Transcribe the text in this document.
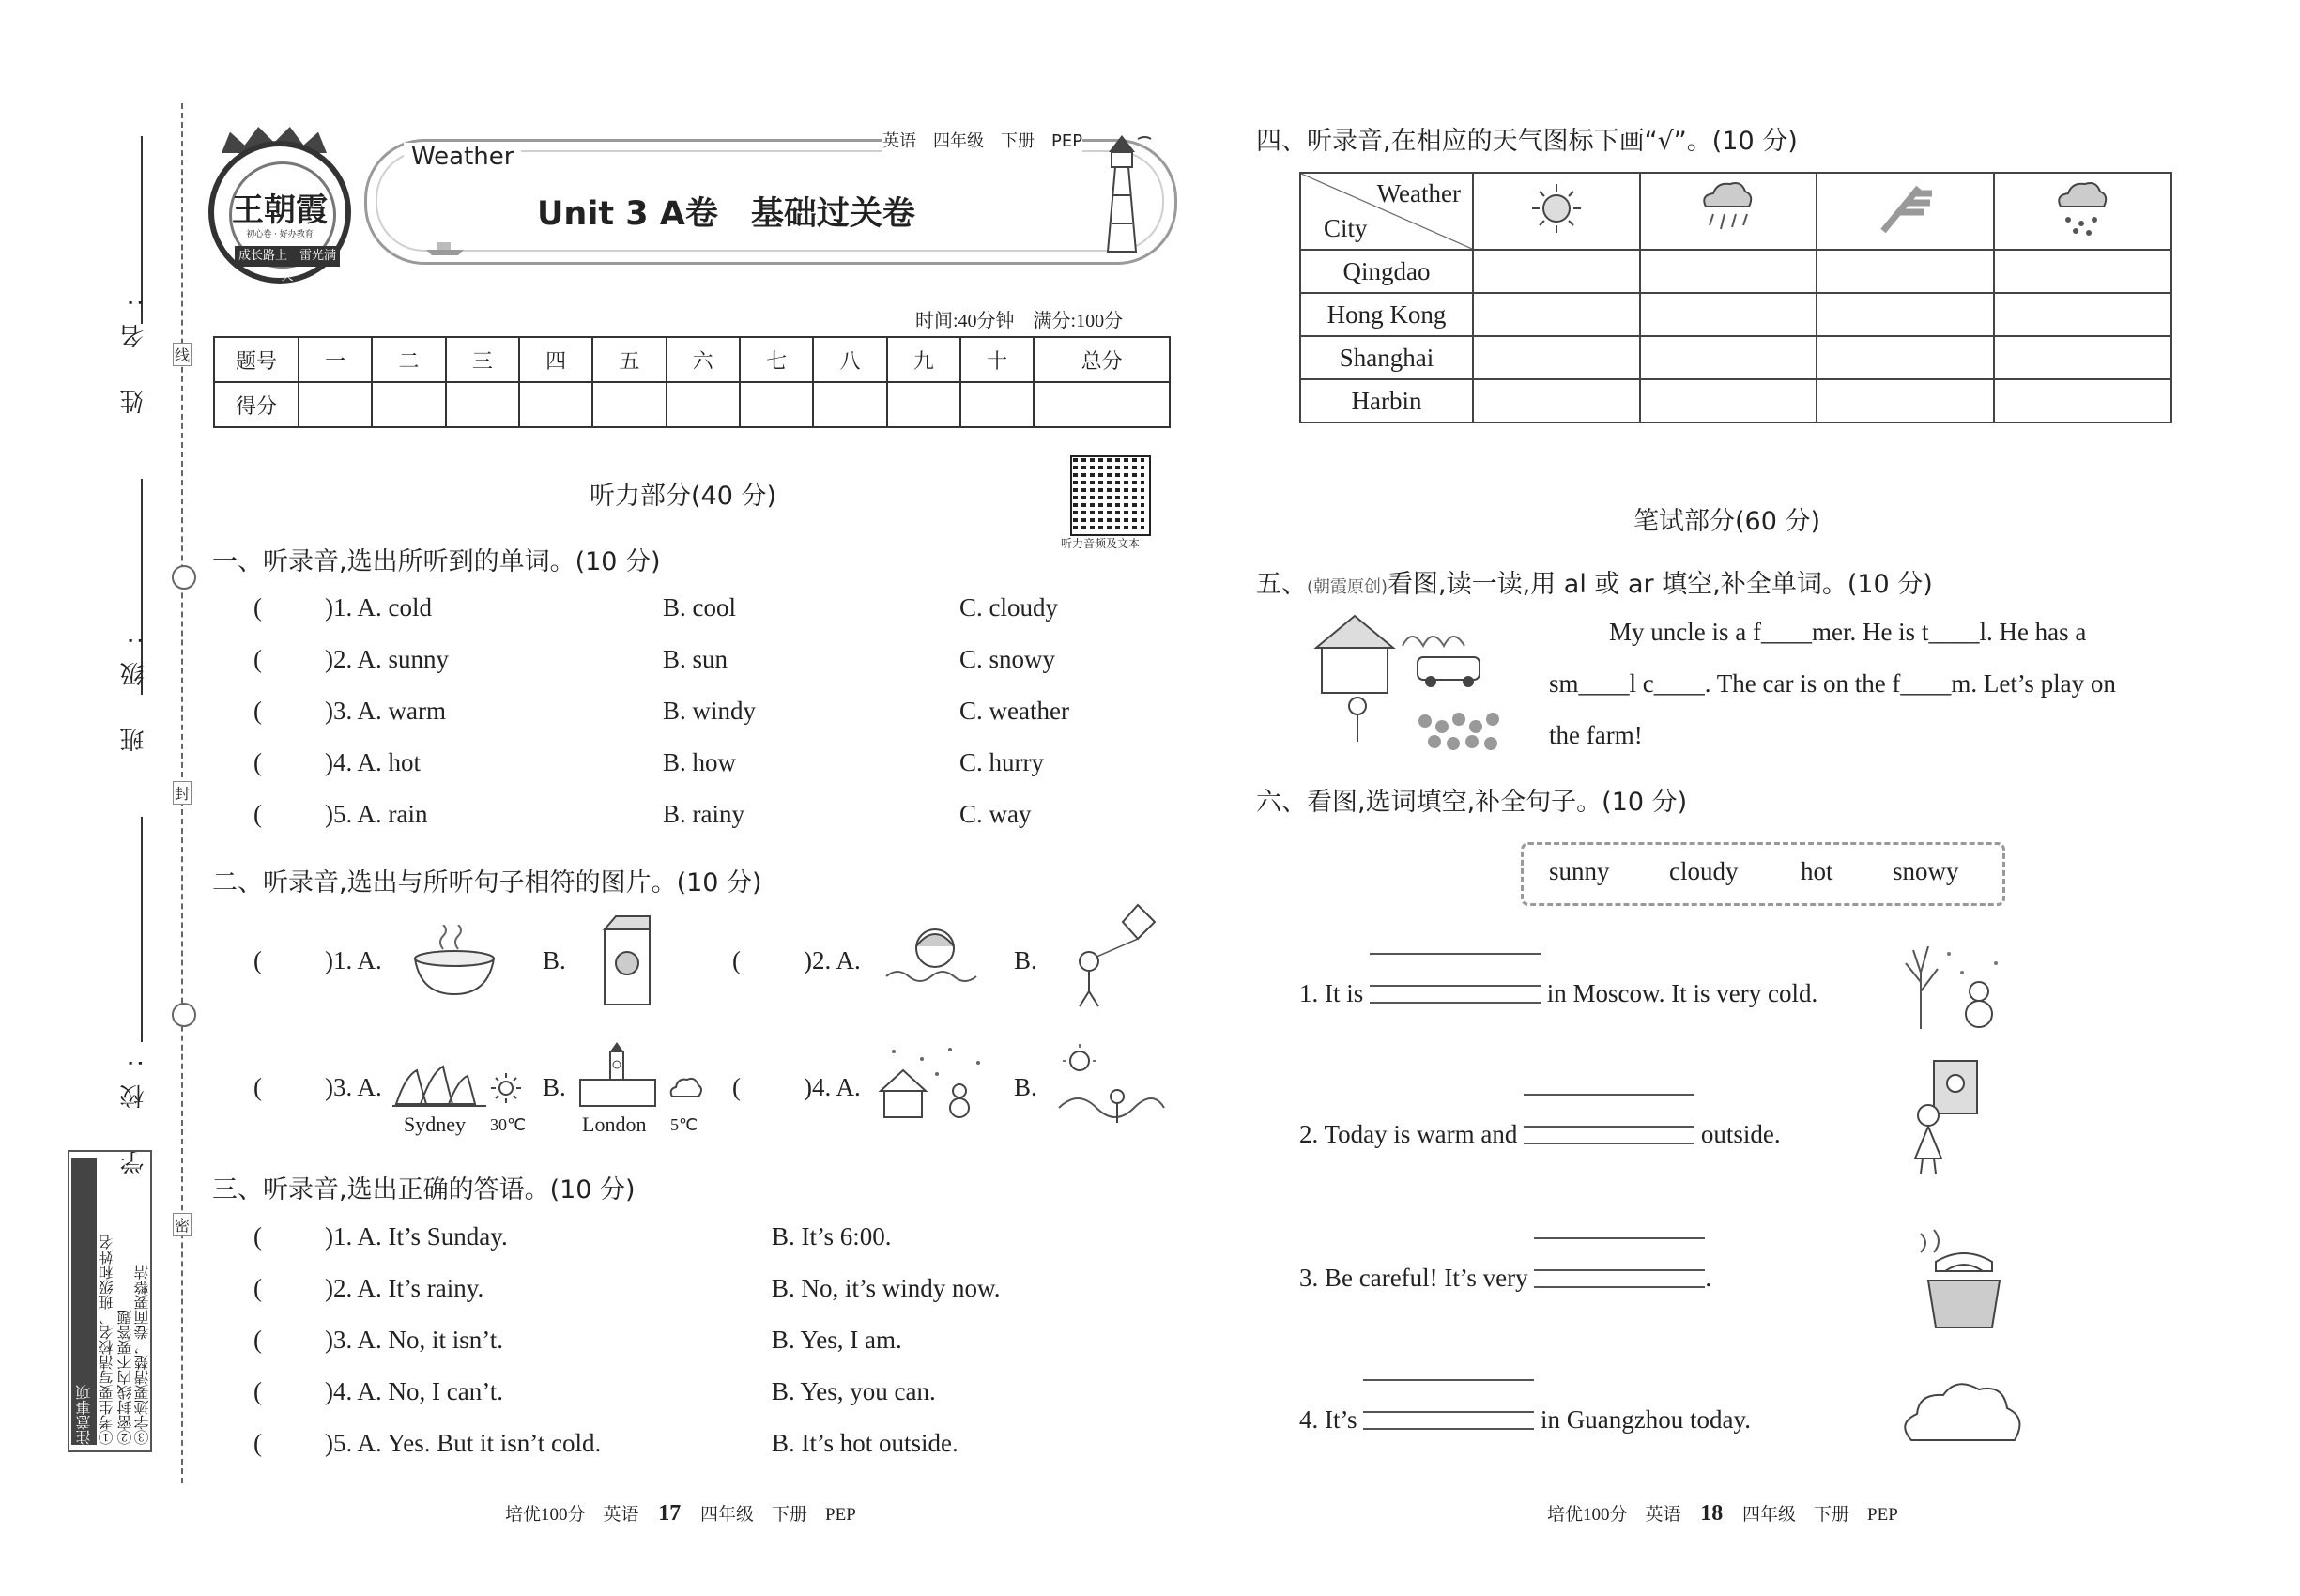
姓 名:
班 级:
学 校:
线
封
密
注意事项 ①考生要写清校名、班级和姓名 ②密封线内不要答题 ③字迹要清楚，卷面要整洁
王朝霞
初心卷 · 好办教育
成长路上　雷光满天
Weather
英语　 四年级　 下册　 PEP
Unit 3 A卷　基础过关卷
时间:40分钟　满分:100分
题号	一	二	三	四	五	六	七	八	九	十	总分
得分											
听力部分(40 分)
听力音频及文本
一、听录音,选出所听到的单词。(10 分)
( )1. A. cold	B. cool	C. cloudy
( )2. A. sunny	B. sun	C. snowy
( )3. A. warm	B. windy	C. weather
( )4. A. hot	B. how	C. hurry
( )5. A. rain	B. rainy	C. way
二、听录音,选出与所听句子相符的图片。(10 分)
( )1. A.	B.	( )2. A.	B.
( )3. A.
Sydney 30℃
B.
London 5℃
( )4. A.	B.
三、听录音,选出正确的答语。(10 分)
( )1. A. It’s Sunday.	B. It’s 6:00.
( )2. A. It’s rainy.	B. No, it’s windy now.
( )3. A. No, it isn’t.	B. Yes, I am.
( )4. A. No, I can’t.	B. Yes, you can.
( )5. A. Yes. But it isn’t cold.	B. It’s hot outside.
培优100分　英语 17 四年级　下册　PEP
四、听录音,在相应的天气图标下画“√”。(10 分)
Weather
City

Qingdao				
Hong Kong				
Shanghai				
Harbin				
笔试部分(60 分)
五、(朝霞原创)看图,读一读,用 al 或 ar 填空,补全单词。(10 分)
My uncle is a f____mer. He is t____l. He has a
sm____l c____. The car is on the f____m. Let’s play on
the farm!
六、看图,选词填空,补全句子。(10 分)
sunny cloudy hot snowy
1. It is	in Moscow. It is very cold.
2. Today is warm and	outside.
3. Be careful! It’s very	.
4. It’s	in Guangzhou today.
培优100分　英语 18 四年级　下册　PEP
